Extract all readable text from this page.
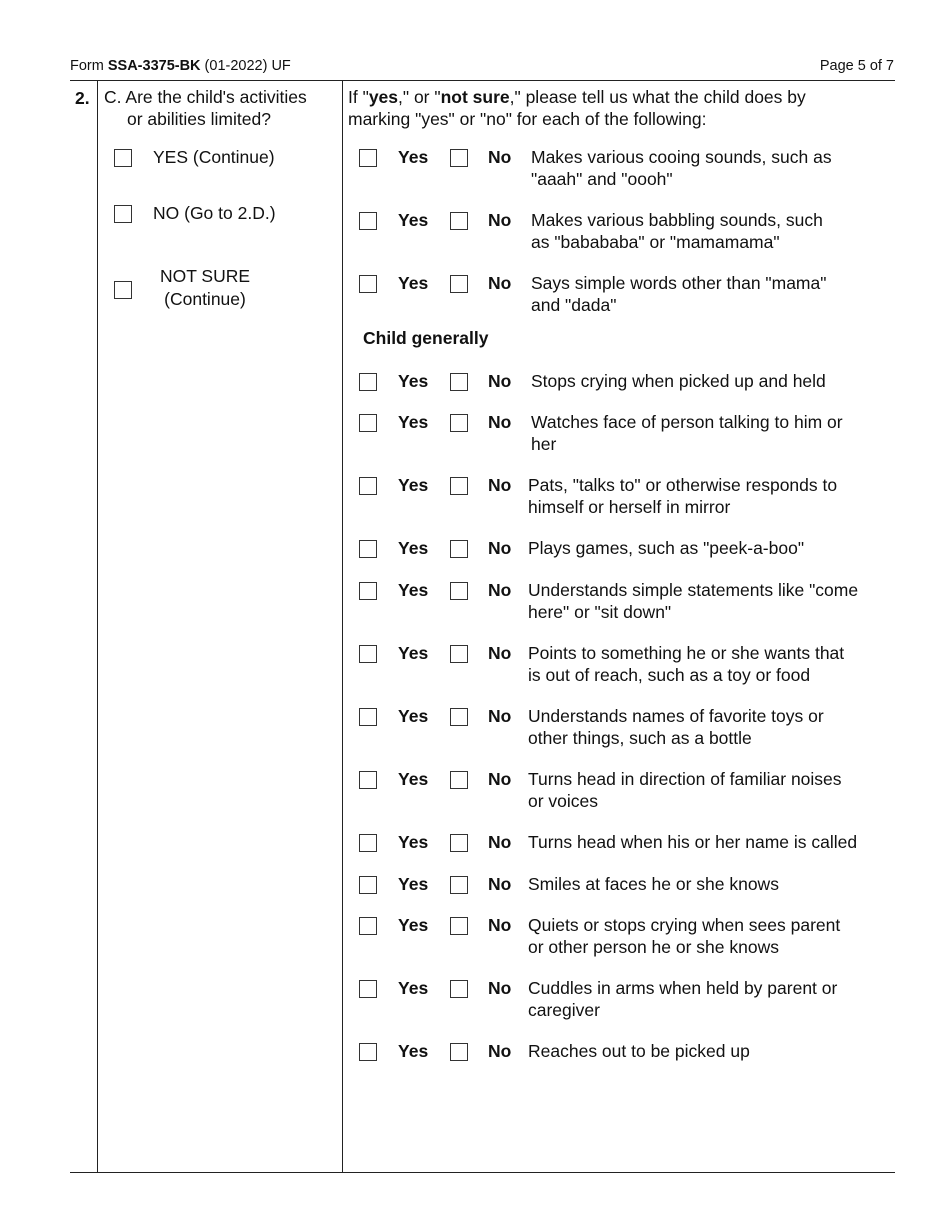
Form SSA-3375-BK (01-2022) UF	Page 5 of 7
2. C. Are the child's activities
or abilities limited?
YES (Continue)
NO (Go to 2.D.)
NOT SURE
(Continue)
If "yes," or "not sure," please tell us what the child does by
marking "yes" or "no" for each of the following:
Child generally
Yes	No Makes various cooing sounds, such as
"aaah" and "oooh"
Yes	No Makes various babbling sounds, such
as "babababa" or "mamamama"
Yes	No Says simple words other than "mama"
and "dada"
Yes	No Stops crying when picked up and held
Yes	No Watches face of person talking to him or
her
Yes	No Pats, "talks to" or otherwise responds to
himself or herself in mirror
Yes	No Plays games, such as "peek-a-boo"
Yes	No Understands simple statements like "come
here" or "sit down"
Yes	No Points to something he or she wants that
is out of reach, such as a toy or food
Yes	No Understands names of favorite toys or
other things, such as a bottle
Yes	No Turns head in direction of familiar noises
or voices
Yes	No Turns head when his or her name is called
Yes	No Smiles at faces he or she knows
Yes	No Quiets or stops crying when sees parent
or other person he or she knows
Yes	No Cuddles in arms when held by parent or
caregiver
Yes	No Reaches out to be picked up
